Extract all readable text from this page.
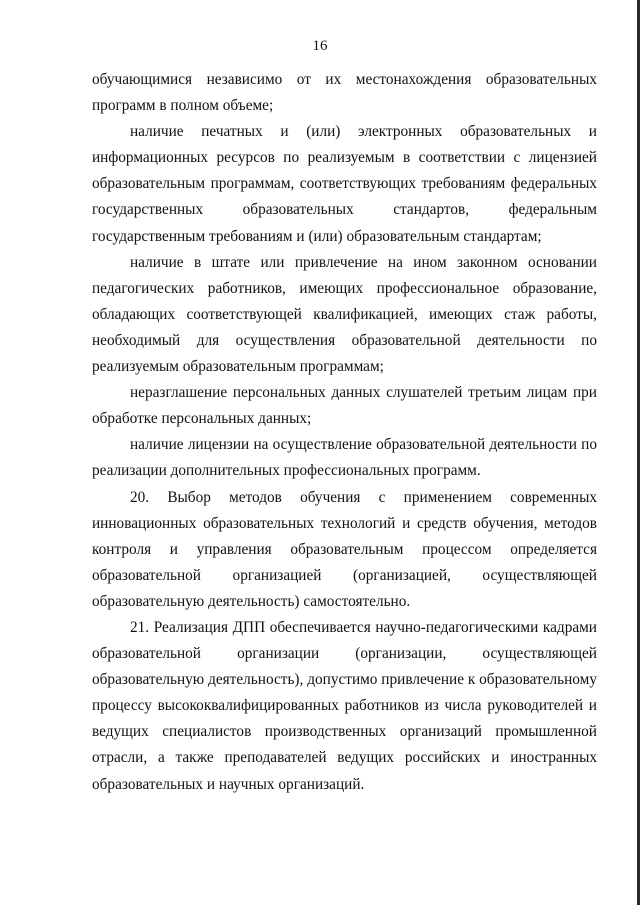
16

обучающимися независимо от их местонахождения образовательных программ в полном объеме;

наличие печатных и (или) электронных образовательных и информационных ресурсов по реализуемым в соответствии с лицензией образовательным программам, соответствующих требованиям федеральных государственных образовательных стандартов, федеральным государственным требованиям и (или) образовательным стандартам;

наличие в штате или привлечение на ином законном основании педагогических работников, имеющих профессиональное образование, обладающих соответствующей квалификацией, имеющих стаж работы, необходимый для осуществления образовательной деятельности по реализуемым образовательным программам;

неразглашение персональных данных слушателей третьим лицам при обработке персональных данных;

наличие лицензии на осуществление образовательной деятельности по реализации дополнительных профессиональных программ.

20. Выбор методов обучения с применением современных инновационных образовательных технологий и средств обучения, методов контроля и управления образовательным процессом определяется образовательной организацией (организацией, осуществляющей образовательную деятельность) самостоятельно.

21. Реализация ДПП обеспечивается научно-педагогическими кадрами образовательной организации (организации, осуществляющей образовательную деятельность), допустимо привлечение к образовательному процессу высококвалифицированных работников из числа руководителей и ведущих специалистов производственных организаций промышленной отрасли, а также преподавателей ведущих российских и иностранных образовательных и научных организаций.
